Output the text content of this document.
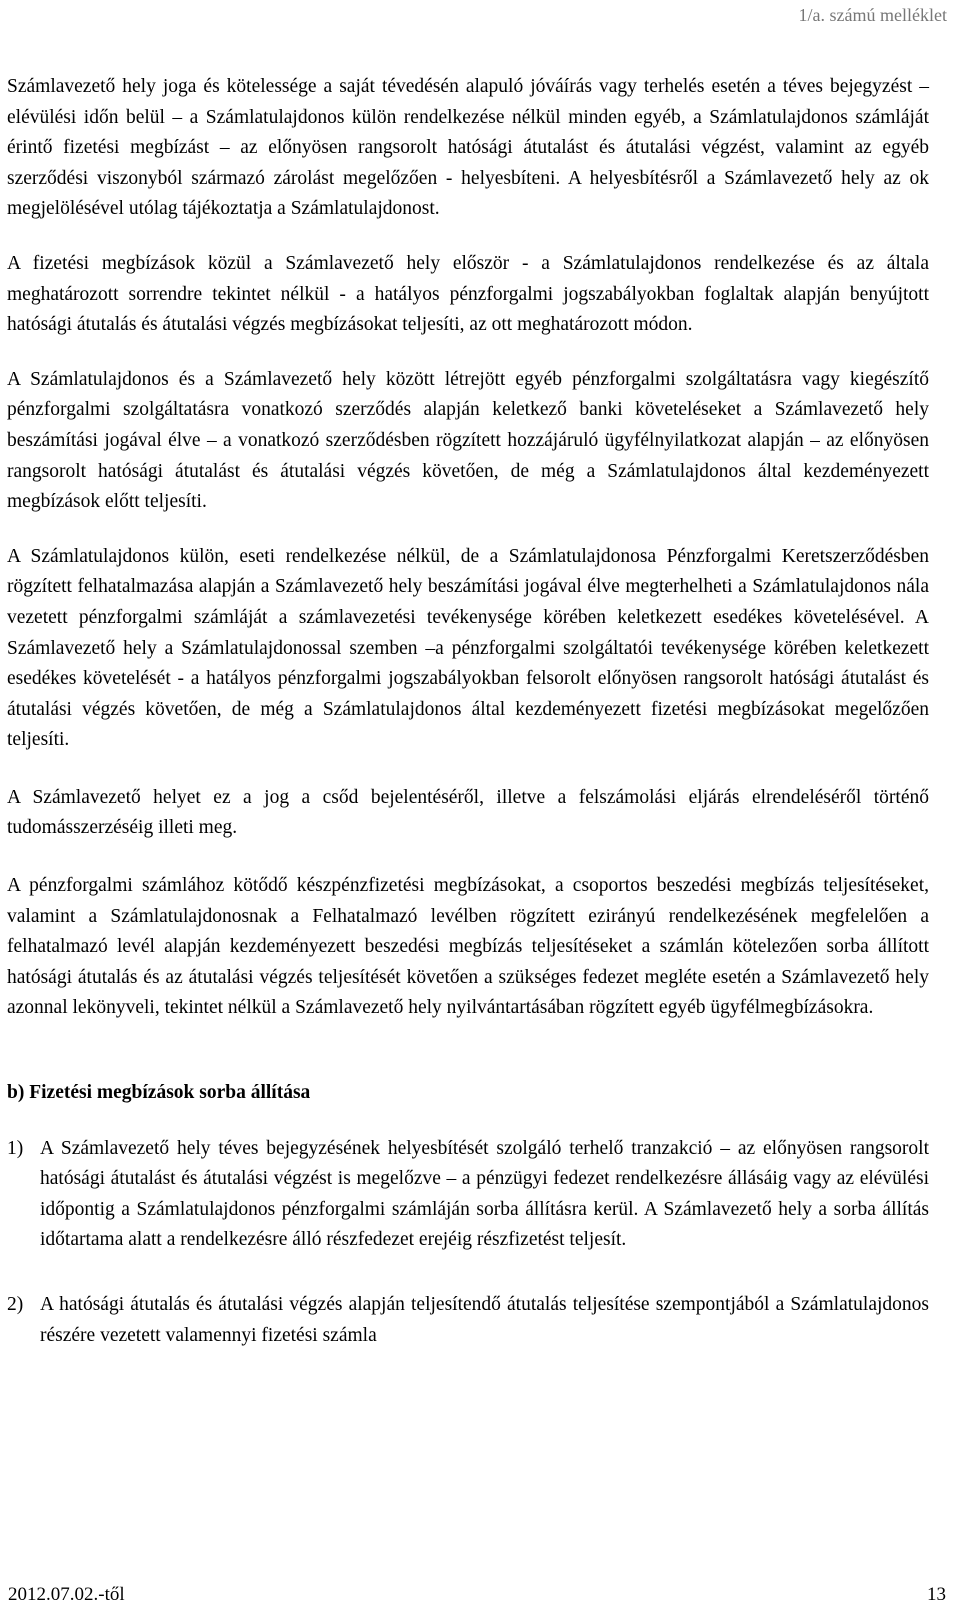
1/a. számú melléklet

Számlavezető hely joga és kötelessége a saját tévedésén alapuló jóváírás vagy terhelés esetén a téves bejegyzést – elévülési időn belül – a Számlatulajdonos külön rendelkezése nélkül minden egyéb, a Számlatulajdonos számláját érintő fizetési megbízást – az előnyösen rangsorolt hatósági átutalást és átutalási végzést, valamint az egyéb szerződési viszonyból származó zárolást megelőzően - helyesbíteni. A helyesbítésről a Számlavezető hely az ok megjelölésével utólag tájékoztatja a Számlatulajdonost.

A fizetési megbízások közül a Számlavezető hely először - a Számlatulajdonos rendelkezése és az általa meghatározott sorrendre tekintet nélkül - a hatályos pénzforgalmi jogszabályokban foglaltak alapján benyújtott hatósági átutalás és átutalási végzés megbízásokat teljesíti, az ott meghatározott módon.

A Számlatulajdonos és a Számlavezető hely között létrejött egyéb pénzforgalmi szolgáltatásra vagy kiegészítő pénzforgalmi szolgáltatásra vonatkozó szerződés alapján keletkező banki követeléseket a Számlavezető hely beszámítási jogával élve – a vonatkozó szerződésben rögzített hozzájáruló ügyfélnyilatkozat alapján – az előnyösen rangsorolt hatósági átutalást és átutalási végzés követően, de még a Számlatulajdonos által kezdeményezett megbízások előtt teljesíti.

A Számlatulajdonos külön, eseti rendelkezése nélkül, de a Számlatulajdonosa Pénzforgalmi Keretszerződésben rögzített felhatalmazása alapján a Számlavezető hely beszámítási jogával élve megterhelheti a Számlatulajdonos nála vezetett pénzforgalmi számláját a számlavezetési tevékenysége körében keletkezett esedékes követelésével. A Számlavezető hely a Számlatulajdonossal szemben –a pénzforgalmi szolgáltatói tevékenysége körében keletkezett esedékes követelését - a hatályos pénzforgalmi jogszabályokban felsorolt előnyösen rangsorolt hatósági átutalást és átutalási végzés követően, de még a Számlatulajdonos által kezdeményezett fizetési megbízásokat megelőzően teljesíti.

A Számlavezető helyet ez a jog a csőd bejelentéséről, illetve a felszámolási eljárás elrendeléséről történő tudomásszerzéséig illeti meg.

A pénzforgalmi számlához kötődő készpénzfizetési megbízásokat, a csoportos beszedési megbízás teljesítéseket, valamint a Számlatulajdonosnak a Felhatalmazó levélben rögzített ezirányú rendelkezésének megfelelően a felhatalmazó levél alapján kezdeményezett beszedési megbízás teljesítéseket a számlán kötelezően sorba állított hatósági átutalás és az átutalási végzés teljesítését követően a szükséges fedezet megléte esetén a Számlavezető hely azonnal lekönyveli, tekintet nélkül a Számlavezető hely nyilvántartásában rögzített egyéb ügyfélmegbízásokra.

b) Fizetési megbízások sorba állítása
1) A Számlavezető hely téves bejegyzésének helyesbítését szolgáló terhelő tranzakció – az előnyösen rangsorolt hatósági átutalást és átutalási végzést is megelőzve – a pénzügyi fedezet rendelkezésre állásáig vagy az elévülési időpontig a Számlatulajdonos pénzforgalmi számláján sorba állításra kerül. A Számlavezető hely a sorba állítás időtartama alatt a rendelkezésre álló részfedezet erejéig részfizetést teljesít.
2) A hatósági átutalás és átutalási végzés alapján teljesítendő átutalás teljesítése szempontjából a Számlatulajdonos részére vezetett valamennyi fizetési számla
2012.07.02.-től	13
